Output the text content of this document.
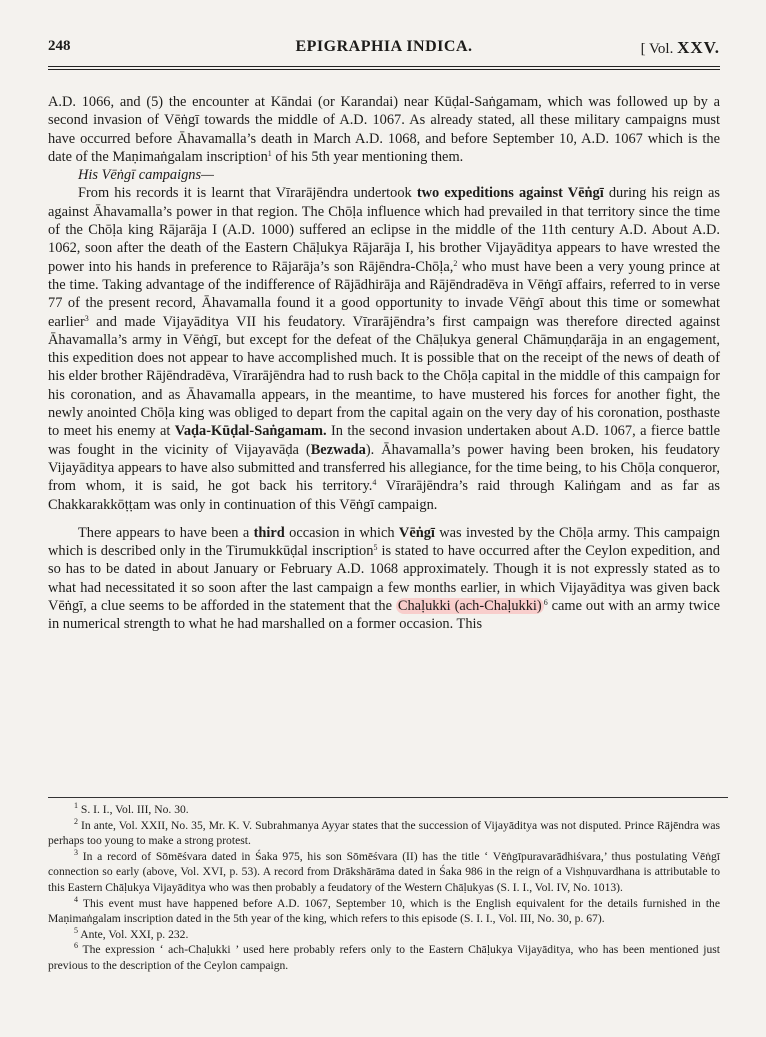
248	EPIGRAPHIA INDICA.	[ Vol. XXV.

A.D. 1066, and (5) the encounter at Kāndai (or Karandai) near Kūḍal-Saṅgamam, which was followed up by a second invasion of Vēṅgī towards the middle of A.D. 1067. As already stated, all these military campaigns must have occurred before Āhavamalla’s death in March A.D. 1068, and before September 10, A.D. 1067 which is the date of the Maṇimaṅgalam inscription$^1$ of his 5th year mentioning them.

His Vēṅgī campaigns—

From his records it is learnt that Vīrarājēndra undertook two expeditions against Vēṅgī during his reign as against Āhavamalla’s power in that region. The Chōḷa influence which had prevailed in that territory since the time of the Chōḷa king Rājarāja I (A.D. 1000) suffered an eclipse in the middle of the 11th century A.D. About A.D. 1062, soon after the death of the Eastern Chāḷukya Rājarāja I, his brother Vijayāditya appears to have wrested the power into his hands in preference to Rājarāja’s son Rājēndra-Chōḷa,$^2$ who must have been a very young prince at the time. Taking advantage of the indifference of Rājādhirāja and Rājēndradēva in Vēṅgī affairs, referred to in verse 77 of the present record, Āhavamalla found it a good opportunity to invade Vēṅgī about this time or somewhat earlier$^3$ and made Vijayāditya VII his feudatory. Vīrarājēndra’s first campaign was therefore directed against Āhavamalla’s army in Vēṅgī, but except for the defeat of the Chāḷukya general Chāmuṇḍarāja in an engagement, this expedition does not appear to have accomplished much. It is possible that on the receipt of the news of death of his elder brother Rājēndradēva, Vīrarājēndra had to rush back to the Chōḷa capital in the middle of this campaign for his coronation, and as Āhavamalla appears, in the meantime, to have mustered his forces for another fight, the newly anointed Chōḷa king was obliged to depart from the capital again on the very day of his coronation, posthaste to meet his enemy at Vaḍa-Kūḍal-Saṅgamam. In the second invasion undertaken about A.D. 1067, a fierce battle was fought in the vicinity of Vijayavāḍa (Bezwada). Āhavamalla’s power having been broken, his feudatory Vijayāditya appears to have also submitted and transferred his allegiance, for the time being, to his Chōḷa conqueror, from whom, it is said, he got back his territory.$^4$ Vīrarājēndra’s raid through Kaliṅgam and as far as Chakkarakkōṭṭam was only in continuation of this Vēṅgī campaign.

There appears to have been a third occasion in which Vēṅgī was invested by the Chōḷa army. This campaign which is described only in the Tirumukkūḍal inscription$^5$ is stated to have occurred after the Ceylon expedition, and so has to be dated in about January or February A.D. 1068 approximately. Though it is not expressly stated as to what had necessitated it so soon after the last campaign a few months earlier, in which Vijayāditya was given back Vēṅgī, a clue seems to be afforded in the statement that the Chaḷukki (ach-Chaḷukki) $^6$ came out with an army twice in numerical strength to what he had marshalled on a former occasion. This

$^1$ S. I. I., Vol. III, No. 30.

$^2$ In ante, Vol. XXII, No. 35, Mr. K. V. Subrahmanya Ayyar states that the succession of Vijayāditya was not disputed. Prince Rājēndra was perhaps too young to make a strong protest.

$^3$ In a record of Sōmēśvara dated in Śaka 975, his son Sōmēśvara (II) has the title ‘ Vēṅgīpuravarādhiśvara,’ thus postulating Vēṅgī connection so early (above, Vol. XVI, p. 53). A record from Drākshārāma dated in Śaka 986 in the reign of a Vishṇuvardhana is attributable to this Eastern Chāḷukya Vijayāditya who was then probably a feudatory of the Western Chāḷukyas (S. I. I., Vol. IV, No. 1013).

$^4$ This event must have happened before A.D. 1067, September 10, which is the English equivalent for the details furnished in the Maṇimaṅgalam inscription dated in the 5th year of the king, which refers to this episode (S. I. I., Vol. III, No. 30, p. 67).

$^5$ Ante, Vol. XXI, p. 232.

$^6$ The expression ‘ ach-Chaḷukki ’ used here probably refers only to the Eastern Chāḷukya Vijayāditya, who has been mentioned just previous to the description of the Ceylon campaign.
